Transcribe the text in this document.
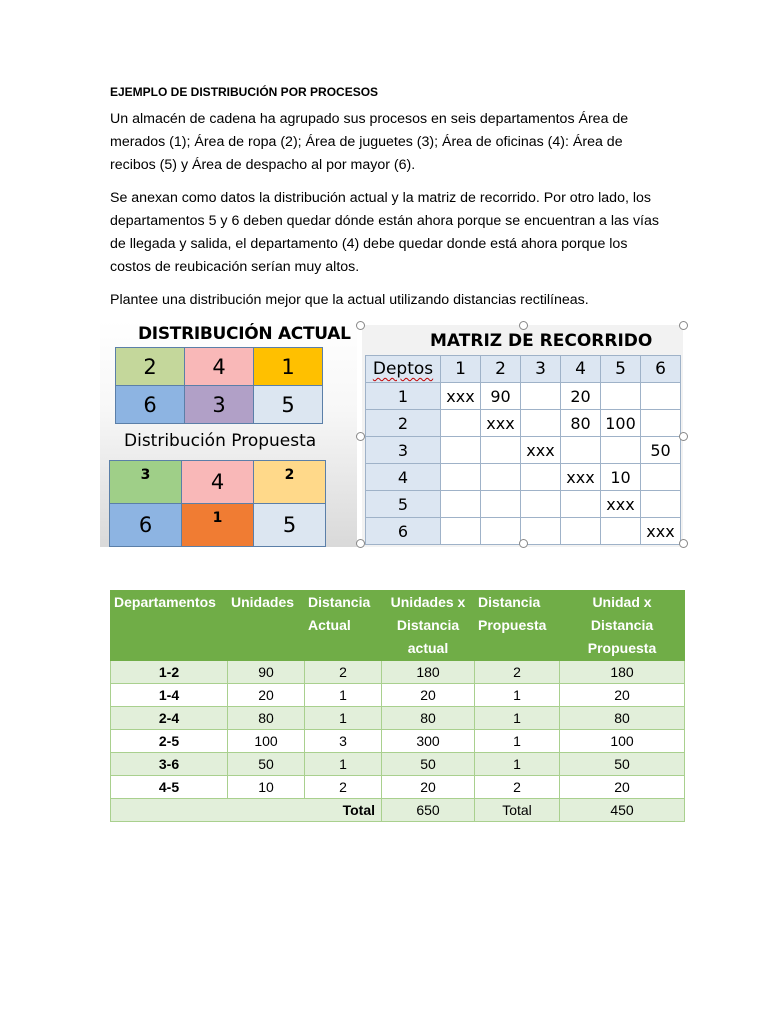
EJEMPLO DE DISTRIBUCIÓN POR PROCESOS

Un almacén de cadena ha agrupado sus procesos en seis departamentos Área de merados (1); Área de ropa (2); Área de juguetes (3); Área de oficinas (4): Área de recibos (5) y Área de despacho al por mayor (6).

Se anexan como datos la distribución actual y la matriz de recorrido. Por otro lado, los departamentos 5 y 6 deben quedar dónde están ahora porque se encuentran a las vías de llegada y salida, el departamento (4) debe quedar donde está ahora porque los costos de reubicación serían muy altos.

Plantee una distribución mejor que la actual utilizando distancias rectilíneas.

DISTRIBUCIÓN ACTUAL
2	4	1
6	3	5
Distribución Propuesta
3	4	2
6	1	5
MATRIZ DE RECORRIDO
Deptos	1	2	3	4	5	6
1	xxx	90		20		
2		xxx		80	100	
3			xxx			50
4				xxx	10	
5					xxx	
6						xxx
Departamentos	Unidades	Distancia Actual	Unidades x Distancia actual	Distancia Propuesta	Unidad x Distancia Propuesta
1-2	90	2	180	2	180
1-4	20	1	20	1	20
2-4	80	1	80	1	80
2-5	100	3	300	1	100
3-6	50	1	50	1	50
4-5	10	2	20	2	20
Total			650	Total	450
